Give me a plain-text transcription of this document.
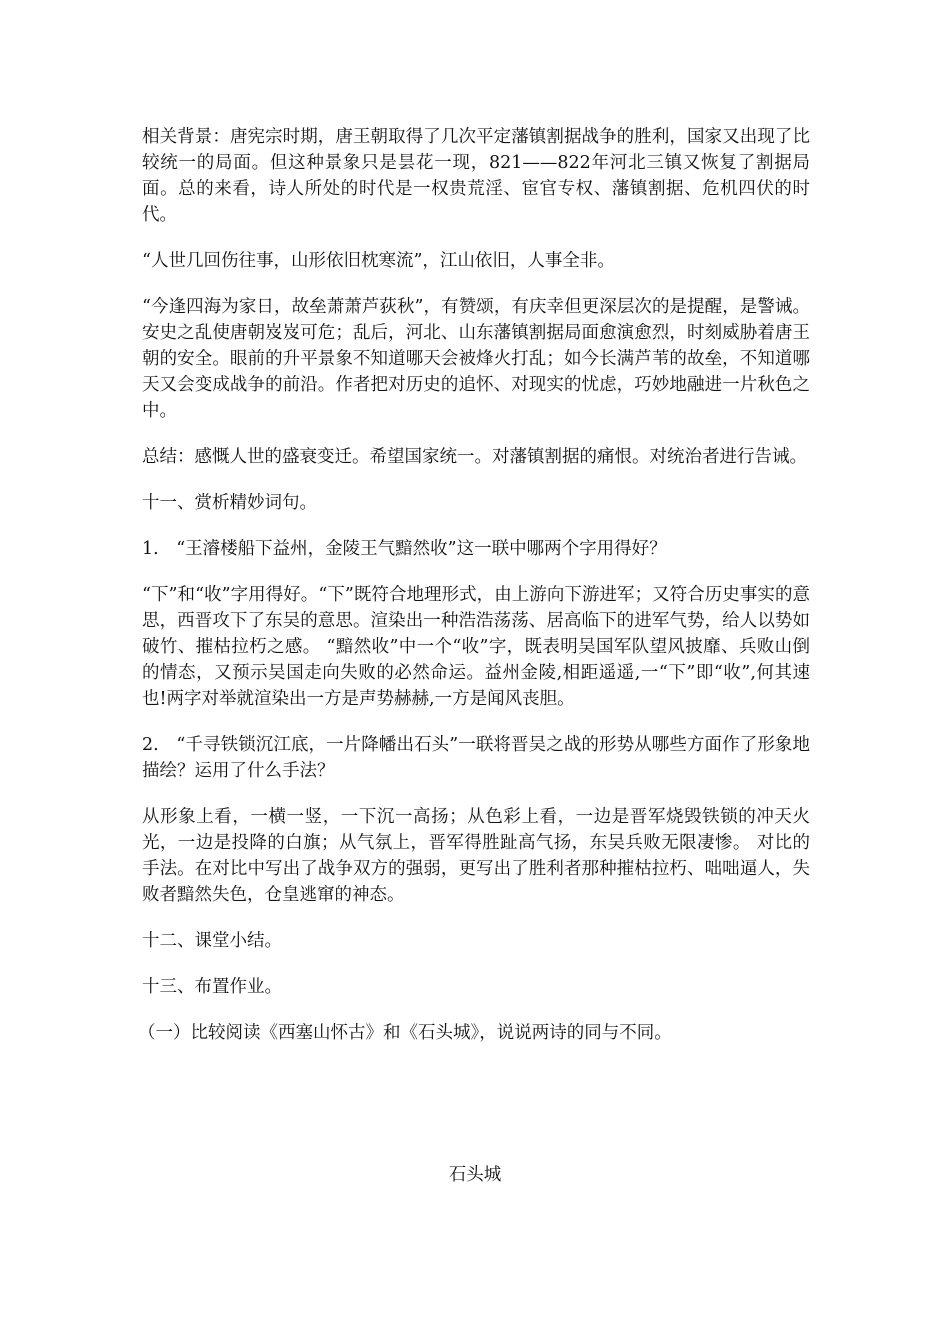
相关背景：唐宪宗时期，唐王朝取得了几次平定藩镇割据战争的胜利，国家又出现了比较统一的局面。但这种景象只是昙花一现，821——822年河北三镇又恢复了割据局面。总的来看，诗人所处的时代是一权贵荒淫、宦官专权、藩镇割据、危机四伏的时代。

“人世几回伤往事，山形依旧枕寒流”，江山依旧，人事全非。

“今逢四海为家日，故垒萧萧芦荻秋”，有赞颂，有庆幸但更深层次的是提醒，是警诫。安史之乱使唐朝岌岌可危；乱后，河北、山东藩镇割据局面愈演愈烈，时刻威胁着唐王朝的安全。眼前的升平景象不知道哪天会被烽火打乱；如今长满芦苇的故垒，不知道哪天又会变成战争的前沿。作者把对历史的追怀、对现实的忧虑，巧妙地融进一片秋色之中。

总结：感慨人世的盛衰变迁。希望国家统一。对藩镇割据的痛恨。对统治者进行告诫。

十一、赏析精妙词句。

1.　“王濬楼船下益州，金陵王气黯然收”这一联中哪两个字用得好？

“下”和“收”字用得好。“下”既符合地理形式，由上游向下游进军；又符合历史事实的意思，西晋攻下了东吴的意思。渲染出一种浩浩荡荡、居高临下的进军气势，给人以势如破竹、摧枯拉朽之感。 “黯然收”中一个“收”字，既表明吴国军队望风披靡、兵败山倒的情态，又预示吴国走向失败的必然命运。益州金陵,相距遥遥,一“下”即“收”,何其速也!两字对举就渲染出一方是声势赫赫,一方是闻风丧胆。

2.　“千寻铁锁沉江底，一片降幡出石头”一联将晋吴之战的形势从哪些方面作了形象地描绘？运用了什么手法？

从形象上看，一横一竖，一下沉一高扬；从色彩上看，一边是晋军烧毁铁锁的冲天火光，一边是投降的白旗；从气氛上，晋军得胜趾高气扬，东吴兵败无限凄惨。 对比的手法。在对比中写出了战争双方的强弱，更写出了胜利者那种摧枯拉朽、咄咄逼人，失败者黯然失色，仓皇逃窜的神态。

十二、课堂小结。

十三、布置作业。

（一）比较阅读《西塞山怀古》和《石头城》，说说两诗的同与不同。

石头城
